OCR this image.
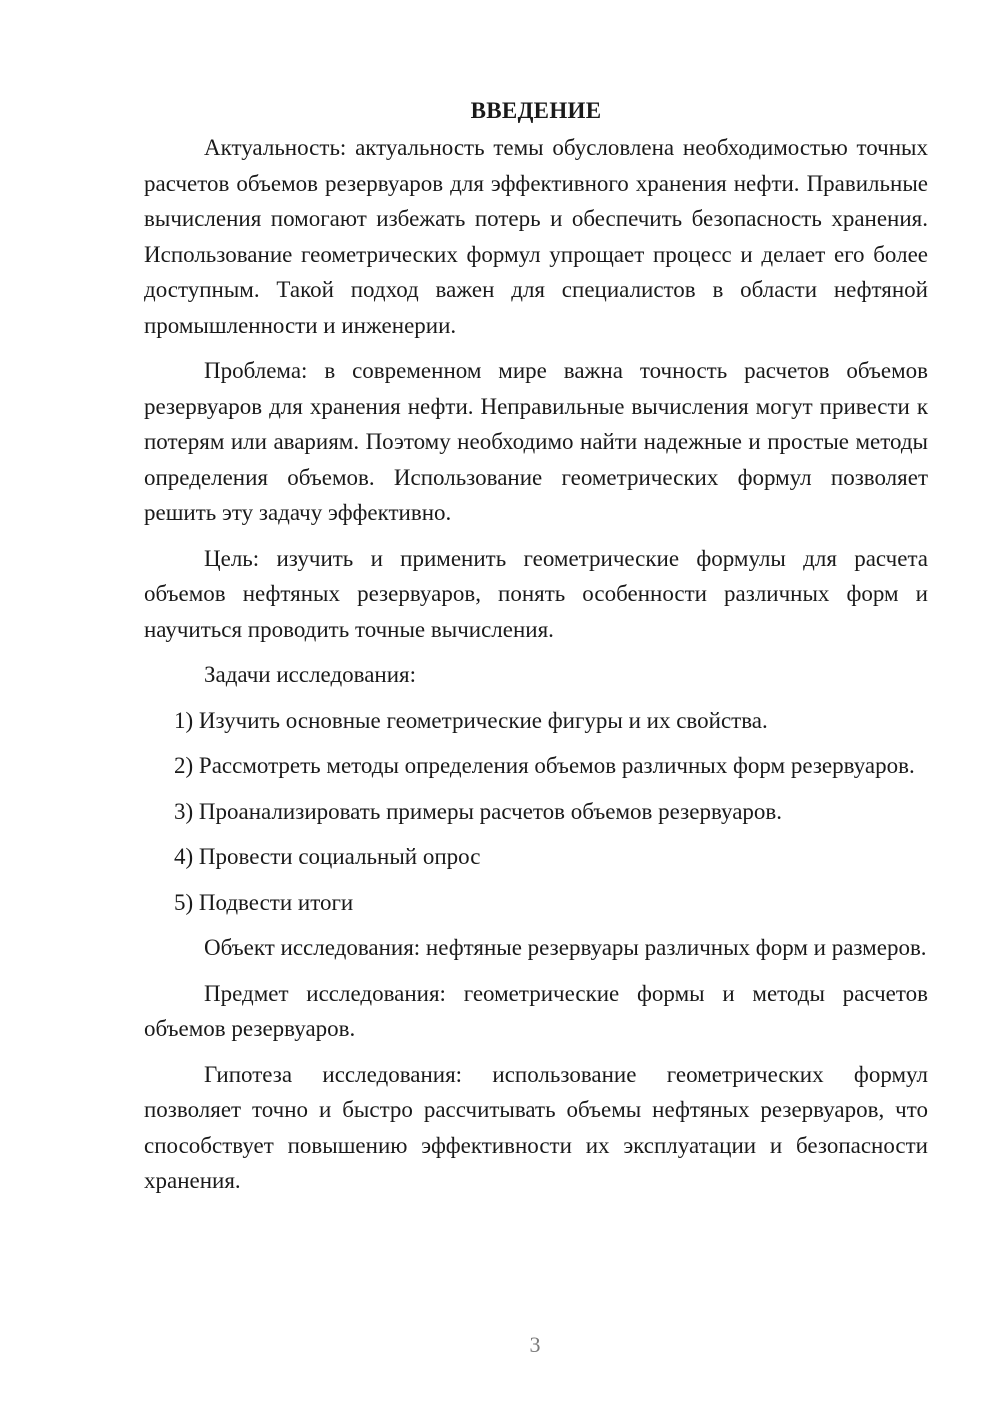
ВВЕДЕНИЕ

Актуальность: актуальность темы обусловлена необходимостью точных расчетов объемов резервуаров для эффективного хранения нефти. Правильные вычисления помогают избежать потерь и обеспечить безопасность хранения. Использование геометрических формул упрощает процесс и делает его более доступным. Такой подход важен для специалистов в области нефтяной промышленности и инженерии.

Проблема: в современном мире важна точность расчетов объемов резервуаров для хранения нефти. Неправильные вычисления могут привести к потерям или авариям. Поэтому необходимо найти надежные и простые методы определения объемов. Использование геометрических формул позволяет решить эту задачу эффективно.

Цель: изучить и применить геометрические формулы для расчета объемов нефтяных резервуаров, понять особенности различных форм и научиться проводить точные вычисления.

Задачи исследования:

1) Изучить основные геометрические фигуры и их свойства.

2) Рассмотреть методы определения объемов различных форм резервуаров.

3) Проанализировать примеры расчетов объемов резервуаров.

4) Провести социальный опрос

5) Подвести итоги

Объект исследования: нефтяные резервуары различных форм и размеров.

Предмет исследования: геометрические формы и методы расчетов объемов резервуаров.

Гипотеза исследования: использование геометрических формул позволяет точно и быстро рассчитывать объемы нефтяных резервуаров, что способствует повышению эффективности их эксплуатации и безопасности хранения.

3
